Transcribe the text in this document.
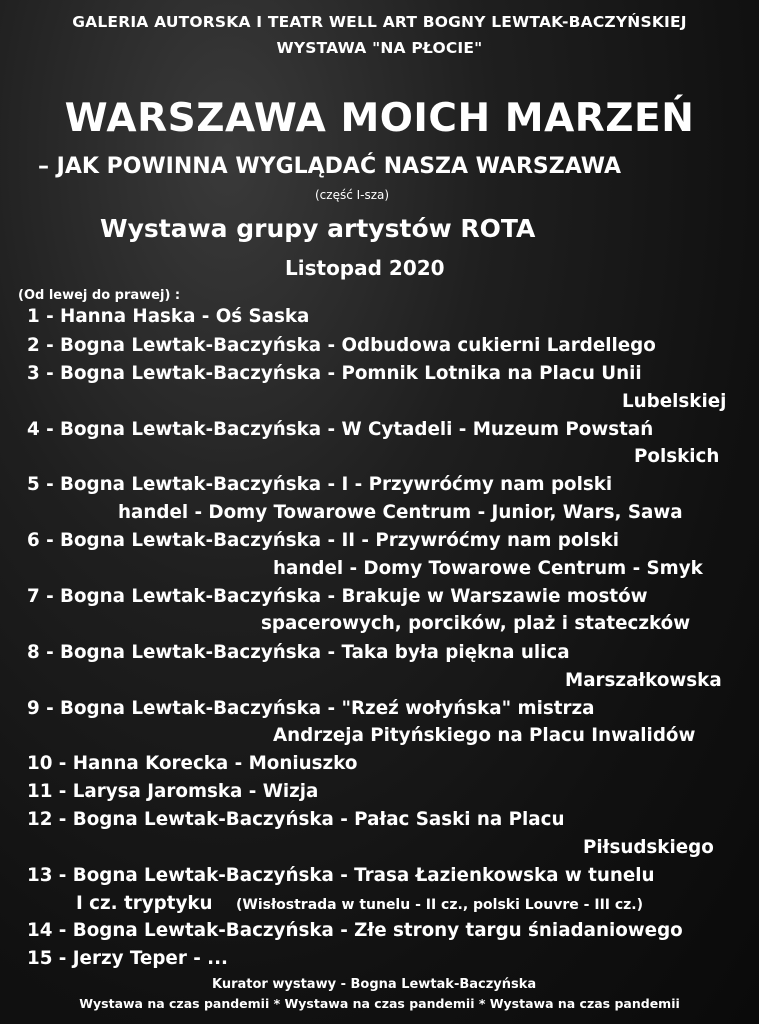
GALERIA AUTORSKA I TEATR WELL ART BOGNY LEWTAK-BACZYŃSKIEJ
WYSTAWA "NA PŁOCIE"
WARSZAWA MOICH MARZEŃ
– JAK POWINNA WYGLĄDAĆ NASZA WARSZAWA
(część I-sza)
Wystawa grupy artystów ROTA
Listopad 2020
(Od lewej do prawej) :
1 - Hanna Haska - Oś Saska
2 - Bogna Lewtak-Baczyńska - Odbudowa cukierni Lardellego
3 - Bogna Lewtak-Baczyńska - Pomnik Lotnika na Placu Unii
Lubelskiej
4 - Bogna Lewtak-Baczyńska - W Cytadeli - Muzeum Powstań
Polskich
5 - Bogna Lewtak-Baczyńska - I - Przywróćmy nam polski
handel - Domy Towarowe Centrum - Junior, Wars, Sawa
6 - Bogna Lewtak-Baczyńska - II - Przywróćmy nam polski
handel - Domy Towarowe Centrum - Smyk
7 - Bogna Lewtak-Baczyńska - Brakuje w Warszawie mostów
spacerowych, porcików, plaż i stateczków
8 - Bogna Lewtak-Baczyńska - Taka była piękna ulica
Marszałkowska
9 - Bogna Lewtak-Baczyńska - "Rzeź wołyńska" mistrza
Andrzeja Pityńskiego na Placu Inwalidów
10 - Hanna Korecka - Moniuszko
11 - Larysa Jaromska - Wizja
12 - Bogna Lewtak-Baczyńska - Pałac Saski na Placu
Piłsudskiego
13 - Bogna Lewtak-Baczyńska - Trasa Łazienkowska w tunelu
I cz. tryptyku (Wisłostrada w tunelu - II cz., polski Louvre - III cz.)
14 - Bogna Lewtak-Baczyńska - Złe strony targu śniadaniowego
15 - Jerzy Teper - ...
Kurator wystawy - Bogna Lewtak-Baczyńska
Wystawa na czas pandemii * Wystawa na czas pandemii * Wystawa na czas pandemii
